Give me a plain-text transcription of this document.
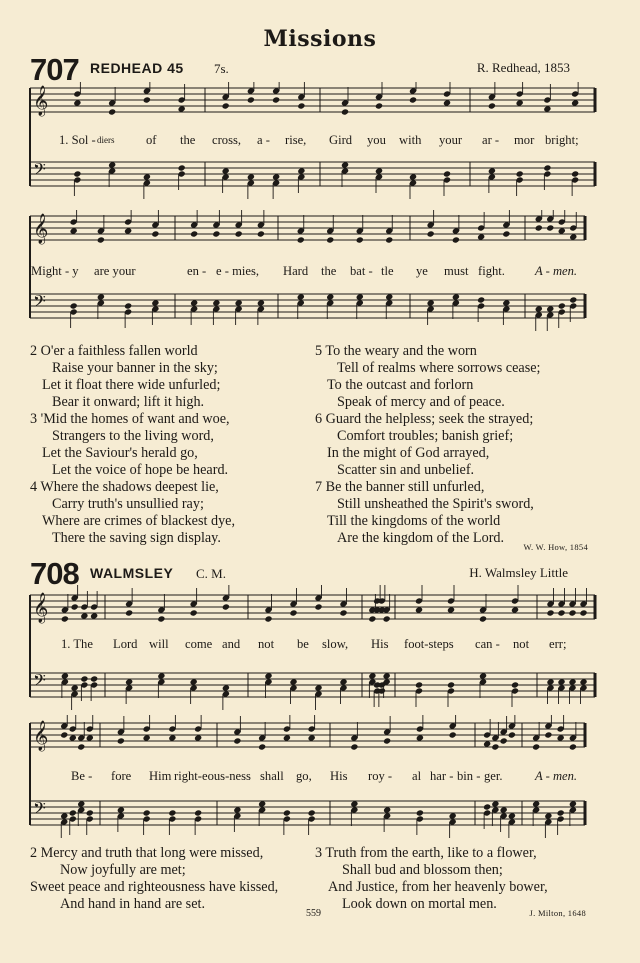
Missions
707 REDHEAD 45 7s.	R. Redhead, 1853
𝄞
𝄢
1. Sol - diers	of the cross, a - rise, Gird you with your ar - mor bright;
𝄞
𝄢
Might - y are your	en - e - mies, Hard the bat - tle ye must fight. A - men.
2 O'er a faithless fallen world
Raise your banner in the sky;
Let it float there wide unfurled;
Bear it onward; lift it high.
3 'Mid the homes of want and woe,
Strangers to the living word,
Let the Saviour's herald go,
Let the voice of hope be heard.
4 Where the shadows deepest lie,
Carry truth's unsullied ray;
Where are crimes of blackest dye,
There the saving sign display.
5 To the weary and the worn
Tell of realms where sorrows cease;
To the outcast and forlorn
Speak of mercy and of peace.
6 Guard the helpless; seek the strayed;
Comfort troubles; banish grief;
In the might of God arrayed,
Scatter sin and unbelief.
7 Be the banner still unfurled,
Still unsheathed the Spirit's sword,
Till the kingdoms of the world
Are the kingdom of the Lord.
W. W. How, 1854
708 WALMSLEY C. M.	H. Walmsley Little
𝄞
𝄢
1. The Lord will come and not be slow, His foot-steps can - not err;
𝄞
𝄢
Be - fore Him right-eous-ness shall go, His roy - al har - bin - ger.	A - men.
2 Mercy and truth that long were missed,
Now joyfully are met;
Sweet peace and righteousness have kissed,
And hand in hand are set.
3 Truth from the earth, like to a flower,
Shall bud and blossom then;
And Justice, from her heavenly bower,
Look down on mortal men.
559	J. Milton, 1648
